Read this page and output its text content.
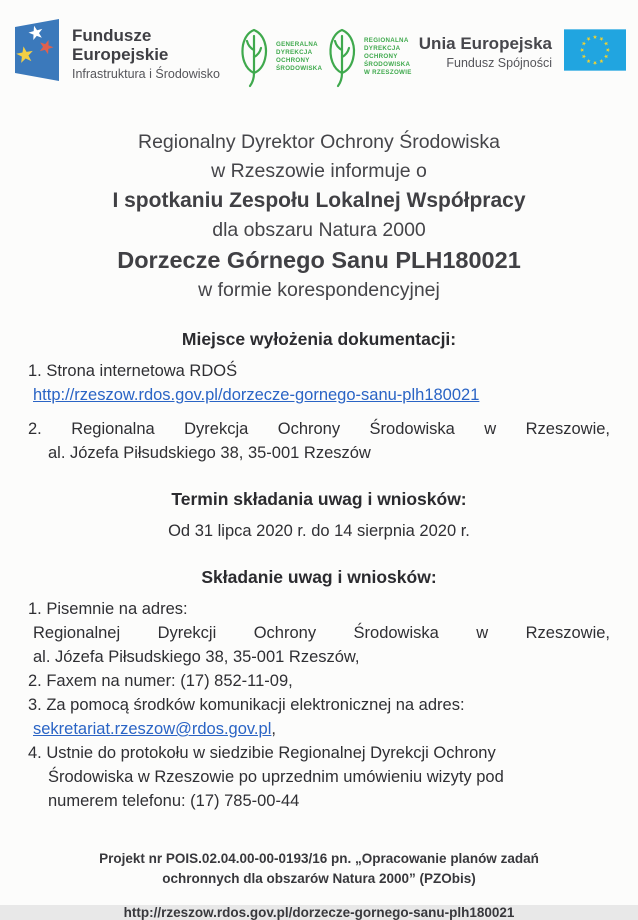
Fundusze
Europejskie
Infrastruktura i Środowisko
GENERALNA
DYREKCJA
OCHRONY
ŚRODOWISKA
REGIONALNA
DYREKCJA
OCHRONY
ŚRODOWISKA
W RZESZOWIE
Unia Europejska
Fundusz Spójności
Regionalny Dyrektor Ochrony Środowiska
w Rzeszowie informuje o
I spotkaniu Zespołu Lokalnej Współpracy
dla obszaru Natura 2000
Dorzecze Górnego Sanu PLH180021
w formie korespondencyjnej
Miejsce wyłożenia dokumentacji:
1. Strona internetowa RDOŚ
http://rzeszow.rdos.gov.pl/dorzecze-gornego-sanu-plh180021
2. Regionalna Dyrekcja Ochrony Środowiska w Rzeszowie,
al. Józefa Piłsudskiego 38, 35-001 Rzeszów
Termin składania uwag i wniosków:
Od 31 lipca 2020 r. do 14 sierpnia 2020 r.
Składanie uwag i wniosków:
1. Pisemnie na adres:
Regionalnej Dyrekcji Ochrony Środowiska w Rzeszowie,
al. Józefa Piłsudskiego 38, 35-001 Rzeszów,
2. Faxem na numer: (17) 852-11-09,
3. Za pomocą środków komunikacji elektronicznej na adres:
sekretariat.rzeszow@rdos.gov.pl,
4. Ustnie do protokołu w siedzibie Regionalnej Dyrekcji Ochrony
Środowiska w Rzeszowie po uprzednim umówieniu wizyty pod
numerem telefonu: (17) 785-00-44
Projekt nr POIS.02.04.00-00-0193/16 pn. „Opracowanie planów zadań
ochronnych dla obszarów Natura 2000” (PZObis)
http://rzeszow.rdos.gov.pl/dorzecze-gornego-sanu-plh180021
